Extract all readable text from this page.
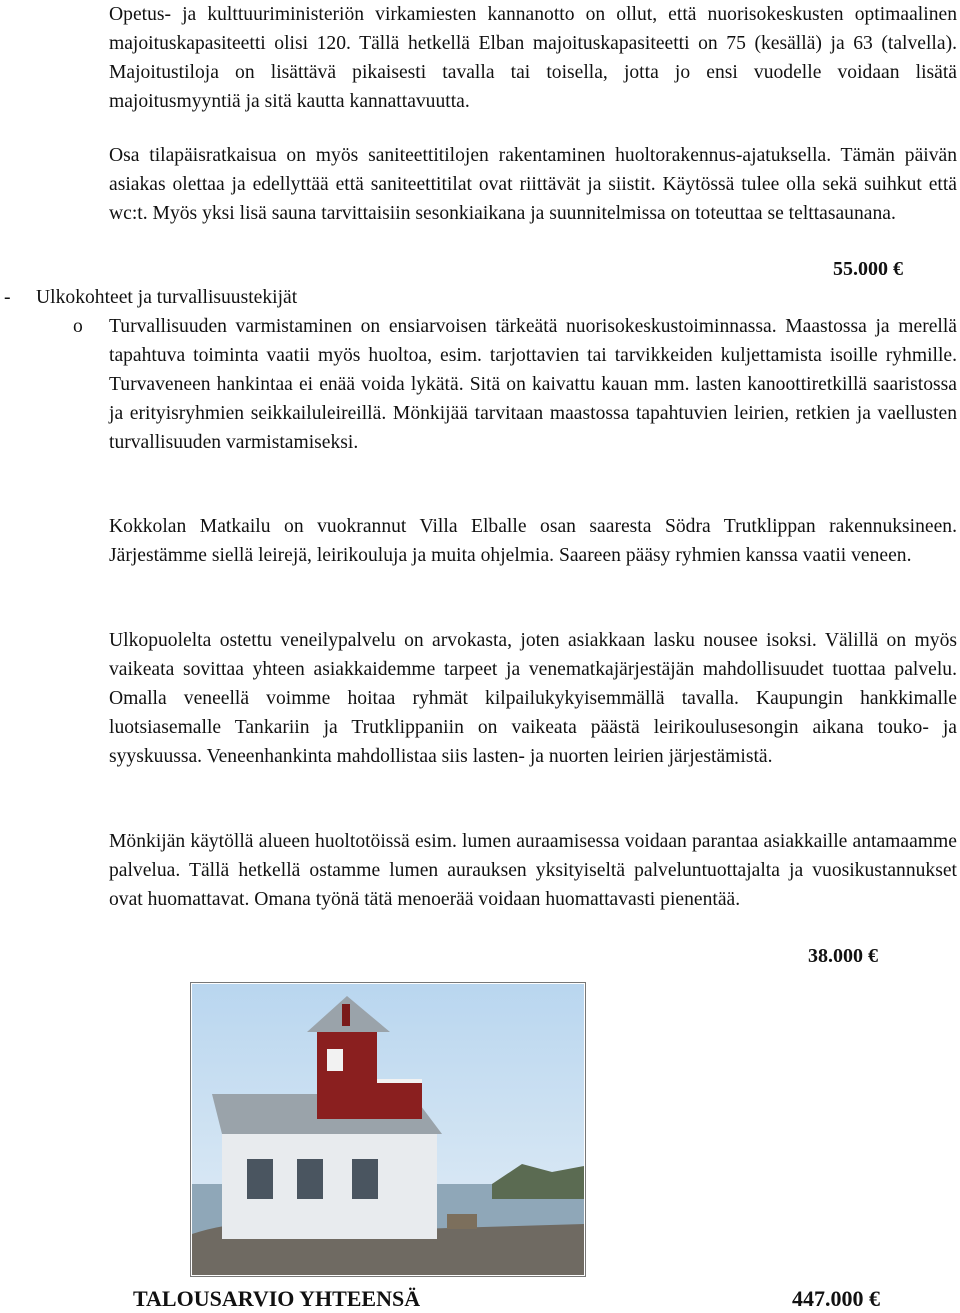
Opetus- ja kulttuuriministeriön virkamiesten kannanotto on ollut, että nuorisokeskusten optimaalinen majoituskapasiteetti olisi 120. Tällä hetkellä Elban majoituskapasiteetti on 75 (kesällä) ja 63 (talvella). Majoitustiloja on lisättävä pikaisesti tavalla tai toisella, jotta jo ensi vuodelle voidaan lisätä majoitusmyyntiä ja sitä kautta kannattavuutta.

Osa tilapäisratkaisua on myös saniteettitilojen rakentaminen huoltorakennus-ajatuksella. Tämän päivän asiakas olettaa ja edellyttää että saniteettitilat ovat riittävät ja siistit. Käytössä tulee olla sekä suihkut että wc:t. Myös yksi lisä sauna tarvittaisiin sesonkiaikana ja suunnitelmissa on toteuttaa se telttasaunana.

55.000 €
- Ulkokohteet ja turvallisuustekijät
o Turvallisuuden varmistaminen on ensiarvoisen tärkeätä nuorisokeskustoiminnassa. Maastossa ja merellä tapahtuva toiminta vaatii myös huoltoa, esim. tarjottavien tai tarvikkeiden kuljettamista isoille ryhmille. Turvaveneen hankintaa ei enää voida lykätä. Sitä on kaivattu kauan mm. lasten kanoottiretkillä saaristossa ja erityisryhmien seikkailuleireillä. Mönkijää tarvitaan maastossa tapahtuvien leirien, retkien ja vaellusten turvallisuuden varmistamiseksi.

Kokkolan Matkailu on vuokrannut Villa Elballe osan saaresta Södra Trutklippan rakennuksineen. Järjestämme siellä leirejä, leirikouluja ja muita ohjelmia. Saareen pääsy ryhmien kanssa vaatii veneen.

Ulkopuolelta ostettu veneilypalvelu on arvokasta, joten asiakkaan lasku nousee isoksi. Välillä on myös vaikeata sovittaa yhteen asiakkaidemme tarpeet ja venematkajärjestäjän mahdollisuudet tuottaa palvelu. Omalla veneellä voimme hoitaa ryhmät kilpailukykyisemmällä tavalla. Kaupungin hankkimalle luotsiasemalle Tankariin ja Trutklippaniin on vaikeata päästä leirikoulusesongin aikana touko- ja syyskuussa. Veneenhankinta mahdollistaa siis lasten- ja nuorten leirien järjestämistä.

Mönkijän käytöllä alueen huoltotöissä esim. lumen auraamisessa voidaan parantaa asiakkaille antamaamme palvelua. Tällä hetkellä ostamme lumen aurauksen yksityiseltä palveluntuottajalta ja vuosikustannukset ovat huomattavat. Omana työnä tätä menoerää voidaan huomattavasti pienentää.

38.000 €
TALOUSARVIO YHTEENSÄ	447.000 €
